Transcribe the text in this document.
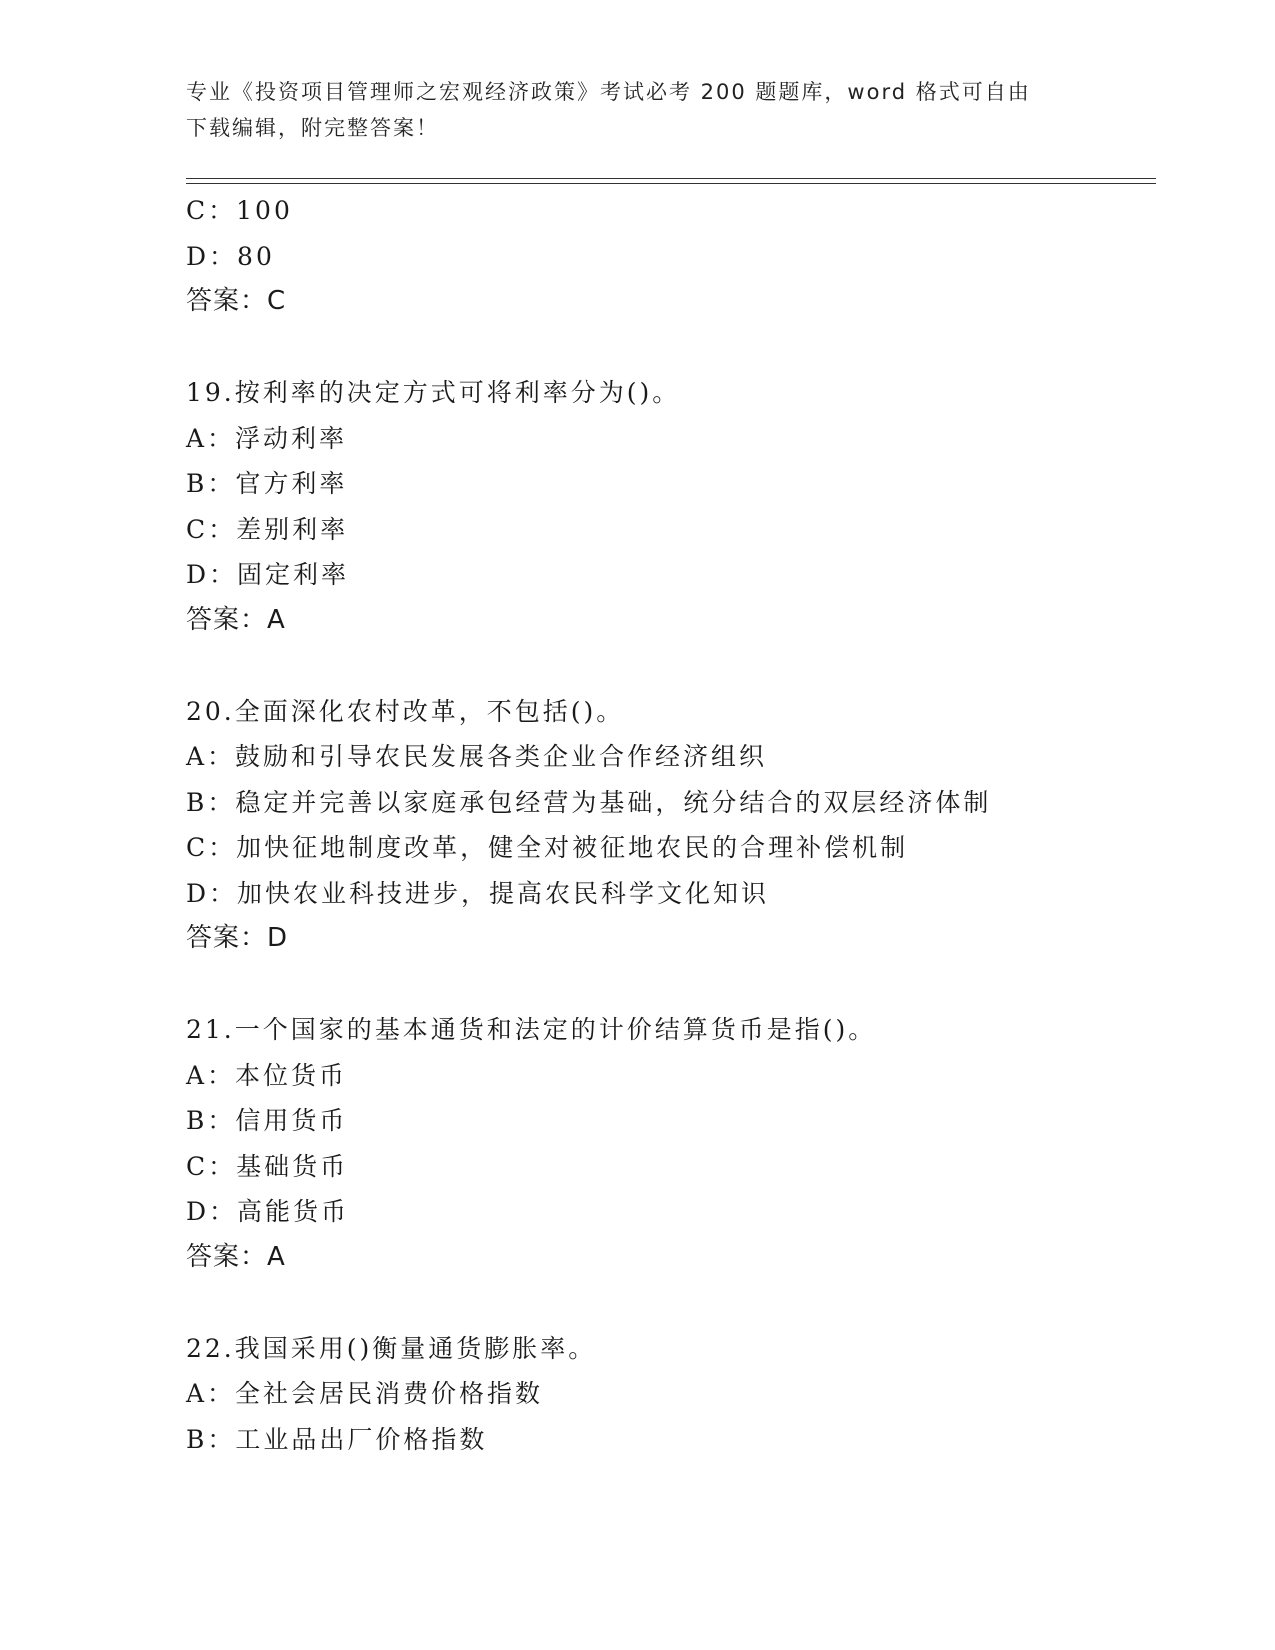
专业《投资项目管理师之宏观经济政策》考试必考 200 题题库，word 格式可自由
下载编辑，附完整答案！
C：100
D：80
答案：C
19.按利率的决定方式可将利率分为()。
A：浮动利率
B：官方利率
C：差别利率
D：固定利率
答案：A
20.全面深化农村改革，不包括()。
A：鼓励和引导农民发展各类企业合作经济组织
B：稳定并完善以家庭承包经营为基础，统分结合的双层经济体制
C：加快征地制度改革，健全对被征地农民的合理补偿机制
D：加快农业科技进步，提高农民科学文化知识
答案：D
21.一个国家的基本通货和法定的计价结算货币是指()。
A：本位货币
B：信用货币
C：基础货币
D：高能货币
答案：A
22.我国采用()衡量通货膨胀率。
A：全社会居民消费价格指数
B：工业品出厂价格指数
